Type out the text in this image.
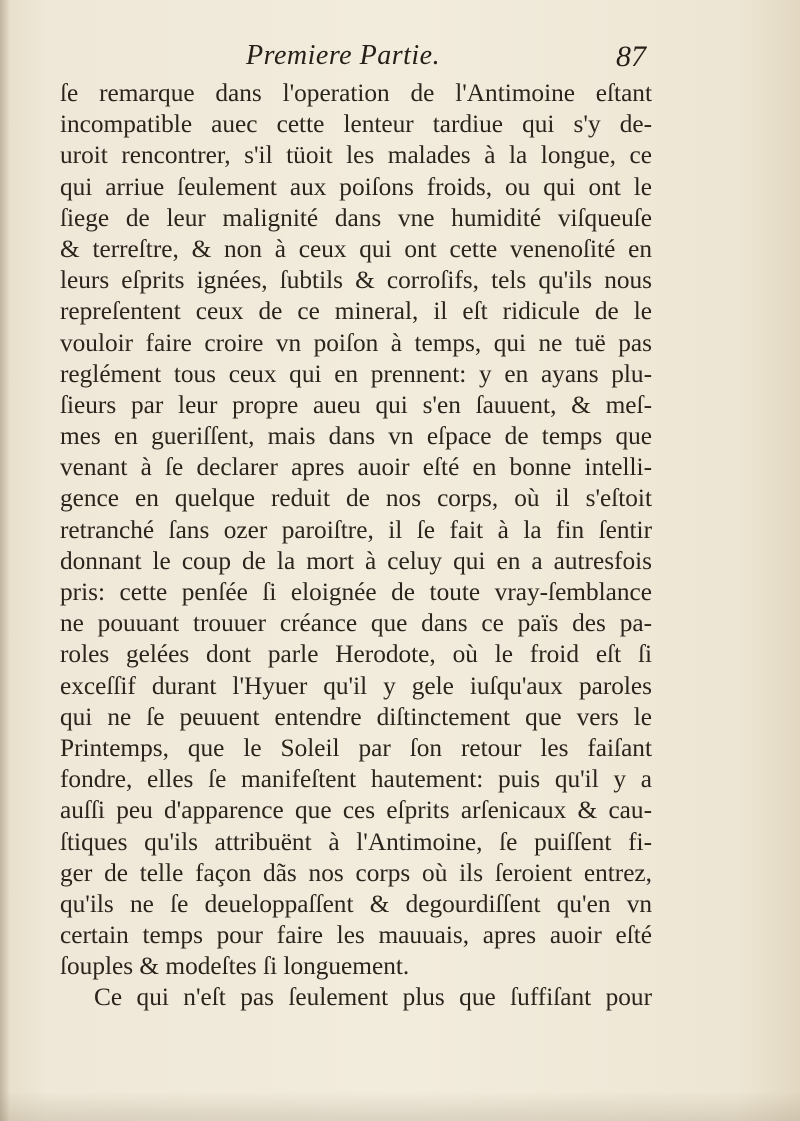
Premiere Partie.	87
ſe remarque dans l'operation de l'Antimoine eſtant
incompatible auec cette lenteur tardiue qui s'y de-
uroit rencontrer, s'il tüoit les malades à la longue, ce
qui arriue ſeulement aux poiſons froids, ou qui ont le
ſiege de leur malignité dans vne humidité viſqueuſe
& terreſtre, & non à ceux qui ont cette venenoſité en
leurs eſprits ignées, ſubtils & corroſifs, tels qu'ils nous
repreſentent ceux de ce mineral, il eſt ridicule de le
vouloir faire croire vn poiſon à temps, qui ne tuë pas
reglément tous ceux qui en prennent: y en ayans plu-
ſieurs par leur propre aueu qui s'en ſauuent, & meſ-
mes en gueriſſent, mais dans vn eſpace de temps que
venant à ſe declarer apres auoir eſté en bonne intelli-
gence en quelque reduit de nos corps, où il s'eſtoit
retranché ſans ozer paroiſtre, il ſe fait à la fin ſentir
donnant le coup de la mort à celuy qui en a autresfois
pris: cette penſée ſi eloignée de toute vray-ſemblance
ne pouuant trouuer créance que dans ce païs des pa-
roles gelées dont parle Herodote, où le froid eſt ſi
exceſſif durant l'Hyuer qu'il y gele iuſqu'aux paroles
qui ne ſe peuuent entendre diſtinctement que vers le
Printemps, que le Soleil par ſon retour les faiſant
fondre, elles ſe manifeſtent hautement: puis qu'il y a
auſſi peu d'apparence que ces eſprits arſenicaux & cau-
ſtiques qu'ils attribuënt à l'Antimoine, ſe puiſſent fi-
ger de telle façon dãs nos corps où ils ſeroient entrez,
qu'ils ne ſe deueloppaſſent & degourdiſſent qu'en vn
certain temps pour faire les mauuais, apres auoir eſté
ſouples & modeſtes ſi longuement.
Ce qui n'eſt pas ſeulement plus que ſuffiſant pour
